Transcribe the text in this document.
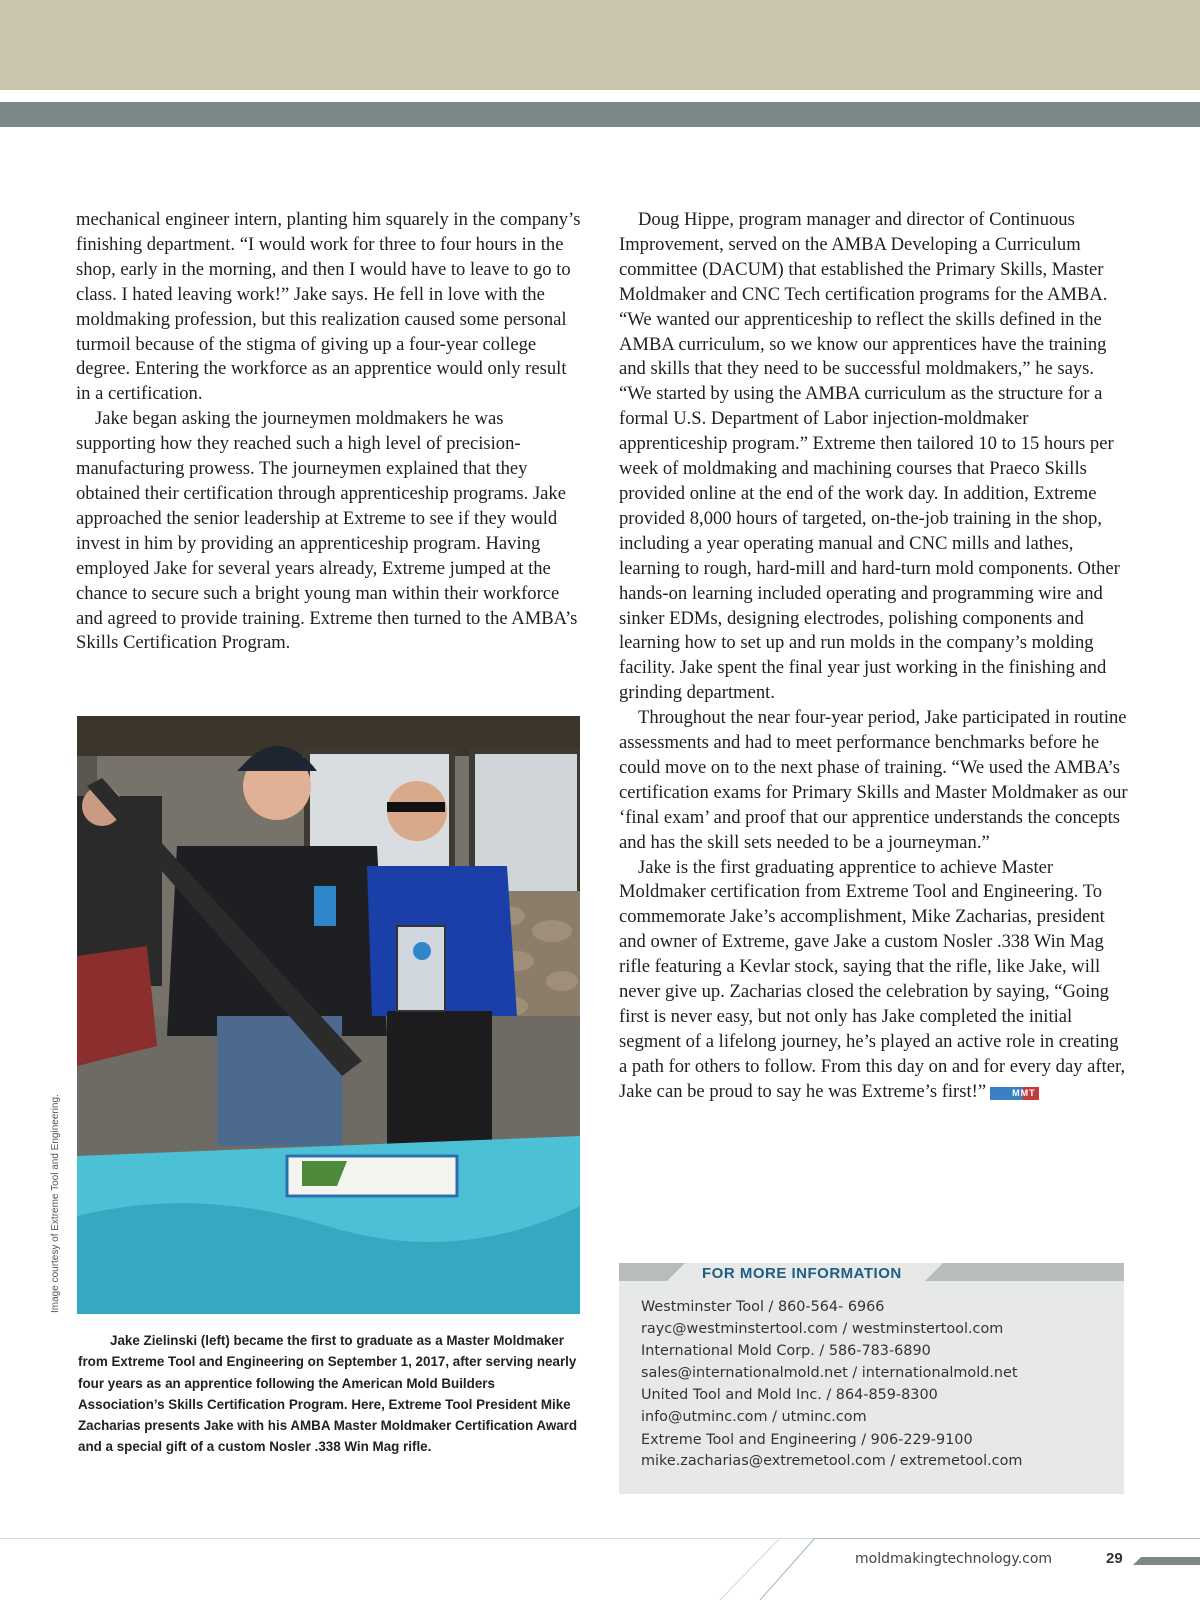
mechanical engineer intern, planting him squarely in the company’s finishing department. “I would work for three to four hours in the shop, early in the morning, and then I would have to leave to go to class. I hated leaving work!” Jake says. He fell in love with the moldmaking profession, but this realization caused some personal turmoil because of the stigma of giving up a four-year college degree. Entering the workforce as an apprentice would only result in a certification.

Jake began asking the journeymen moldmakers he was supporting how they reached such a high level of precision-manufacturing prowess. The journeymen explained that they obtained their certification through apprenticeship programs. Jake approached the senior leadership at Extreme to see if they would invest in him by providing an apprenticeship program. Having employed Jake for several years already, Extreme jumped at the chance to secure such a bright young man within their workforce and agreed to provide training. Extreme then turned to the AMBA’s Skills Certification Program.

Doug Hippe, program manager and director of Continuous Improvement, served on the AMBA Developing a Curriculum committee (DACUM) that established the Primary Skills, Master Moldmaker and CNC Tech certification programs for the AMBA. “We wanted our apprenticeship to reflect the skills defined in the AMBA curriculum, so we know our apprentices have the training and skills that they need to be successful moldmakers,” he says. “We started by using the AMBA curriculum as the structure for a formal U.S. Department of Labor injection-moldmaker apprenticeship program.” Extreme then tailored 10 to 15 hours per week of moldmaking and machining courses that Praeco Skills provided online at the end of the work day. In addition, Extreme provided 8,000 hours of targeted, on-the-job training in the shop, including a year operating manual and CNC mills and lathes, learning to rough, hard-mill and hard-turn mold components. Other hands-on learning included operating and programming wire and sinker EDMs, designing electrodes, polishing components and learning how to set up and run molds in the company’s molding facility. Jake spent the final year just working in the finishing and grinding department.

Throughout the near four-year period, Jake participated in routine assessments and had to meet performance benchmarks before he could move on to the next phase of training. “We used the AMBA’s certification exams for Primary Skills and Master Moldmaker as our ‘final exam’ and proof that our apprentice understands the concepts and has the skill sets needed to be a journeyman.”

Jake is the first graduating apprentice to achieve Master Moldmaker certification from Extreme Tool and Engineering. To commemorate Jake’s accomplishment, Mike Zacharias, president and owner of Extreme, gave Jake a custom Nosler .338 Win Mag rifle featuring a Kevlar stock, saying that the rifle, like Jake, will never give up. Zacharias closed the celebration by saying, “Going first is never easy, but not only has Jake completed the initial segment of a lifelong journey, he’s played an active role in creating a path for others to follow. From this day on and for every day after, Jake can be proud to say he was Extreme’s first!”	MMT

Image courtesy of Extreme Tool and Engineering.

Jake Zielinski (left) became the first to graduate as a Master Moldmaker from Extreme Tool and Engineering on September 1, 2017, after serving nearly four years as an apprentice following the American Mold Builders Association’s Skills Certification Program. Here, Extreme Tool President Mike Zacharias presents Jake with his AMBA Master Moldmaker Certification Award and a special gift of a custom Nosler .338 Win Mag rifle.

FOR MORE INFORMATION
Westminster Tool / 860-564- 6966
rayc@westminstertool.com / westminstertool.com
International Mold Corp. / 586-783-6890
sales@internationalmold.net / internationalmold.net
United Tool and Mold Inc. / 864-859-8300
info@utminc.com / utminc.com
Extreme Tool and Engineering / 906-229-9100
mike.zacharias@extremetool.com / extremetool.com
moldmakingtechnology.com	29
